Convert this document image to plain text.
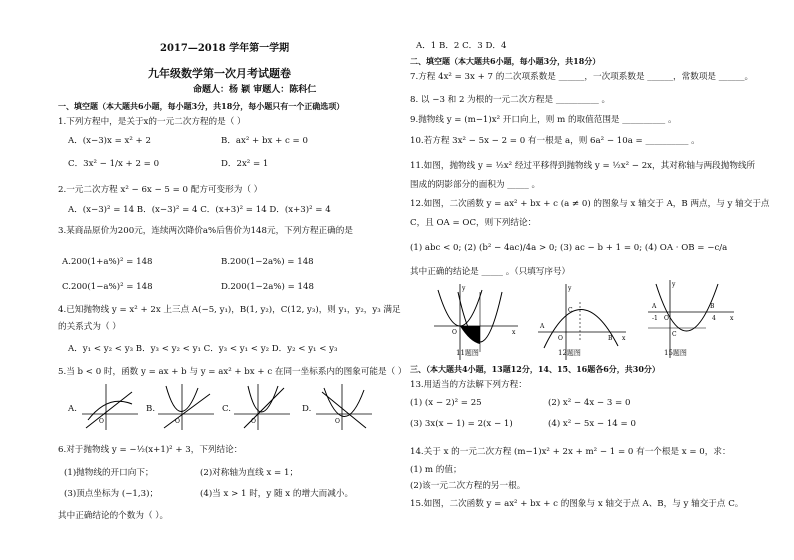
2017—2018 学年第一学期
九年级数学第一次月考试题卷
命题人：杨 颖 审题人：陈科仁
一、填空题（本大题共6小题，每小题3分，共18分，每小题只有一个正确选项）
1.下列方程中，是关于x的一元二次方程的是（ ）
A．(x−3)x = x² + 2	B．ax² + bx + c = 0
C．3x² − 1/x + 2 = 0	D．2x² = 1
2.一元二次方程 x² − 6x − 5 = 0 配方可变形为（ ）
A．(x−3)² = 14 B．(x−3)² = 4 C．(x+3)² = 14 D．(x+3)² = 4
3.某商品原价为200元，连续两次降价a%后售价为148元，下列方程正确的是
A.200(1+a%)² = 148	B.200(1−2a%) = 148
C.200(1−a%)² = 148	D.200(1−2a%) = 148
4.已知抛物线 y = x² + 2x 上三点 A(−5, y₁)，B(1, y₂)，C(12, y₃)，则 y₁，y₂，y₃ 满足
的关系式为（ ）
A．y₁ < y₂ < y₃ B．y₃ < y₂ < y₁ C．y₃ < y₁ < y₂ D．y₂ < y₁ < y₃
5.当 b < 0 时，函数 y = ax + b 与 y = ax² + bx + c 在同一坐标系内的图象可能是（ ）
A.
O
B.
O
C.
O
D.
O
6.对于抛物线 y = −½(x+1)² + 3，下列结论：
(1)抛物线的开口向下；	(2)对称轴为直线 x = 1；
(3)顶点坐标为 (−1,3)；	(4)当 x > 1 时，y 随 x 的增大而减小。
其中正确结论的个数为（ ）。
A．1 B．2 C．3 D．4
二、填空题（本大题共6小题，每小题3分，共18分）
7.方程 4x² = 3x + 7 的二次项系数是 ______，一次项系数是 ______，常数项是 ______。
8. 以 −3 和 2 为根的一元二次方程是 __________ 。
9.抛物线 y = (m−1)x² 开口向上，则 m 的取值范围是 __________ 。
10.若方程 3x² − 5x − 2 = 0 有一根是 a，则 6a² − 10a = __________ 。
11.如图，抛物线 y = ½x² 经过平移得到抛物线 y = ½x² − 2x，其对称轴与两段抛物线所
围成的阴影部分的面积为 _____ 。
12.如图，二次函数 y = ax² + bx + c (a ≠ 0) 的图象与 x 轴交于 A，B 两点，与 y 轴交于点
C，且 OA = OC，则下列结论：
(1) abc < 0; (2) (b² − 4ac)/4a > 0; (3) ac − b + 1 = 0; (4) OA · OB = −c/a
其中正确的结论是 _____ 。（只填写序号）
O	x
y
11题图
A
O
C
B x
y
12题图
A
-1 O
B
4
C
x
y
15题图
三、（本大题共4小题，13题12分，14、15、16题各6分，共30分）
13.用适当的方法解下列方程：
(1) (x − 2)² = 25	(2) x² − 4x − 3 = 0
(3) 3x(x − 1) = 2(x − 1)	(4) x² − 5x − 14 = 0
14.关于 x 的一元二次方程 (m−1)x² + 2x + m² − 1 = 0 有一个根是 x = 0，求：
(1) m 的值；
(2)该一元二次方程的另一根。
15.如图，二次函数 y = ax² + bx + c 的图象与 x 轴交于点 A、B，与 y 轴交于点 C。
